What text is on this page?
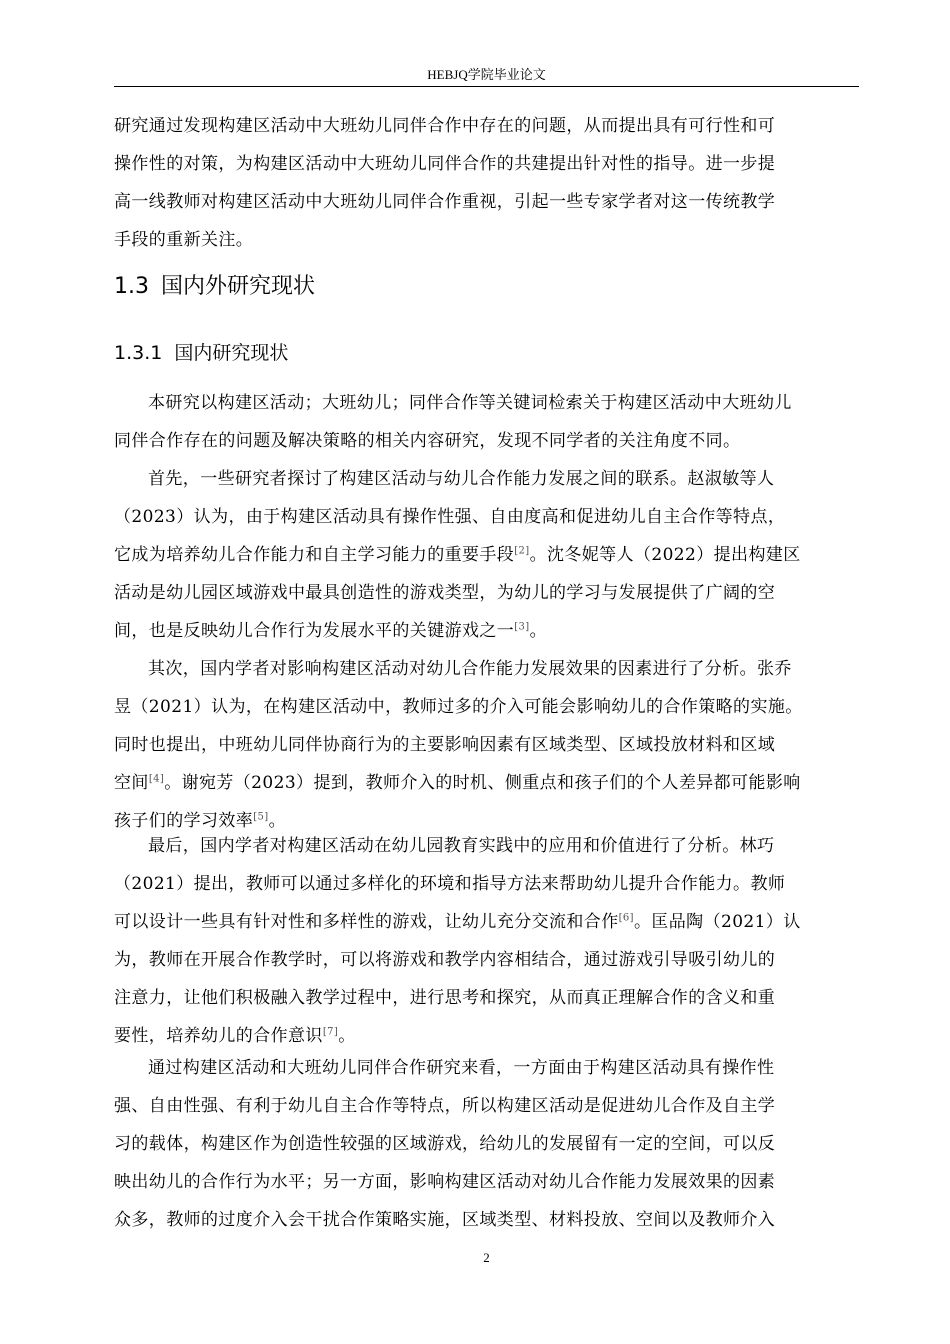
HEBJQ学院毕业论文
研究通过发现构建区活动中大班幼儿同伴合作中存在的问题，从而提出具有可行性和可
操作性的对策，为构建区活动中大班幼儿同伴合作的共建提出针对性的指导。进一步提
高一线教师对构建区活动中大班幼儿同伴合作重视，引起一些专家学者对这一传统教学
手段的重新关注。
1.3 国内外研究现状
1.3.1 国内研究现状
本研究以构建区活动；大班幼儿；同伴合作等关键词检索关于构建区活动中大班幼儿
同伴合作存在的问题及解决策略的相关内容研究，发现不同学者的关注角度不同。
首先，一些研究者探讨了构建区活动与幼儿合作能力发展之间的联系。赵淑敏等人
（2023）认为，由于构建区活动具有操作性强、自由度高和促进幼儿自主合作等特点，
它成为培养幼儿合作能力和自主学习能力的重要手段[2]。沈冬妮等人（2022）提出构建区
活动是幼儿园区域游戏中最具创造性的游戏类型，为幼儿的学习与发展提供了广阔的空
间，也是反映幼儿合作行为发展水平的关键游戏之一[3]。
其次，国内学者对影响构建区活动对幼儿合作能力发展效果的因素进行了分析。张乔
昱（2021）认为，在构建区活动中，教师过多的介入可能会影响幼儿的合作策略的实施。
同时也提出，中班幼儿同伴协商行为的主要影响因素有区域类型、区域投放材料和区域
空间[4]。谢宛芳（2023）提到，教师介入的时机、侧重点和孩子们的个人差异都可能影响
孩子们的学习效率[5]。
最后，国内学者对构建区活动在幼儿园教育实践中的应用和价值进行了分析。林巧
（2021）提出，教师可以通过多样化的环境和指导方法来帮助幼儿提升合作能力。教师
可以设计一些具有针对性和多样性的游戏，让幼儿充分交流和合作[6]。匡品陶（2021）认
为，教师在开展合作教学时，可以将游戏和教学内容相结合，通过游戏引导吸引幼儿的
注意力，让他们积极融入教学过程中，进行思考和探究，从而真正理解合作的含义和重
要性，培养幼儿的合作意识[7]。
通过构建区活动和大班幼儿同伴合作研究来看，一方面由于构建区活动具有操作性
强、自由性强、有利于幼儿自主合作等特点，所以构建区活动是促进幼儿合作及自主学
习的载体，构建区作为创造性较强的区域游戏，给幼儿的发展留有一定的空间，可以反
映出幼儿的合作行为水平；另一方面，影响构建区活动对幼儿合作能力发展效果的因素
众多，教师的过度介入会干扰合作策略实施，区域类型、材料投放、空间以及教师介入
2
